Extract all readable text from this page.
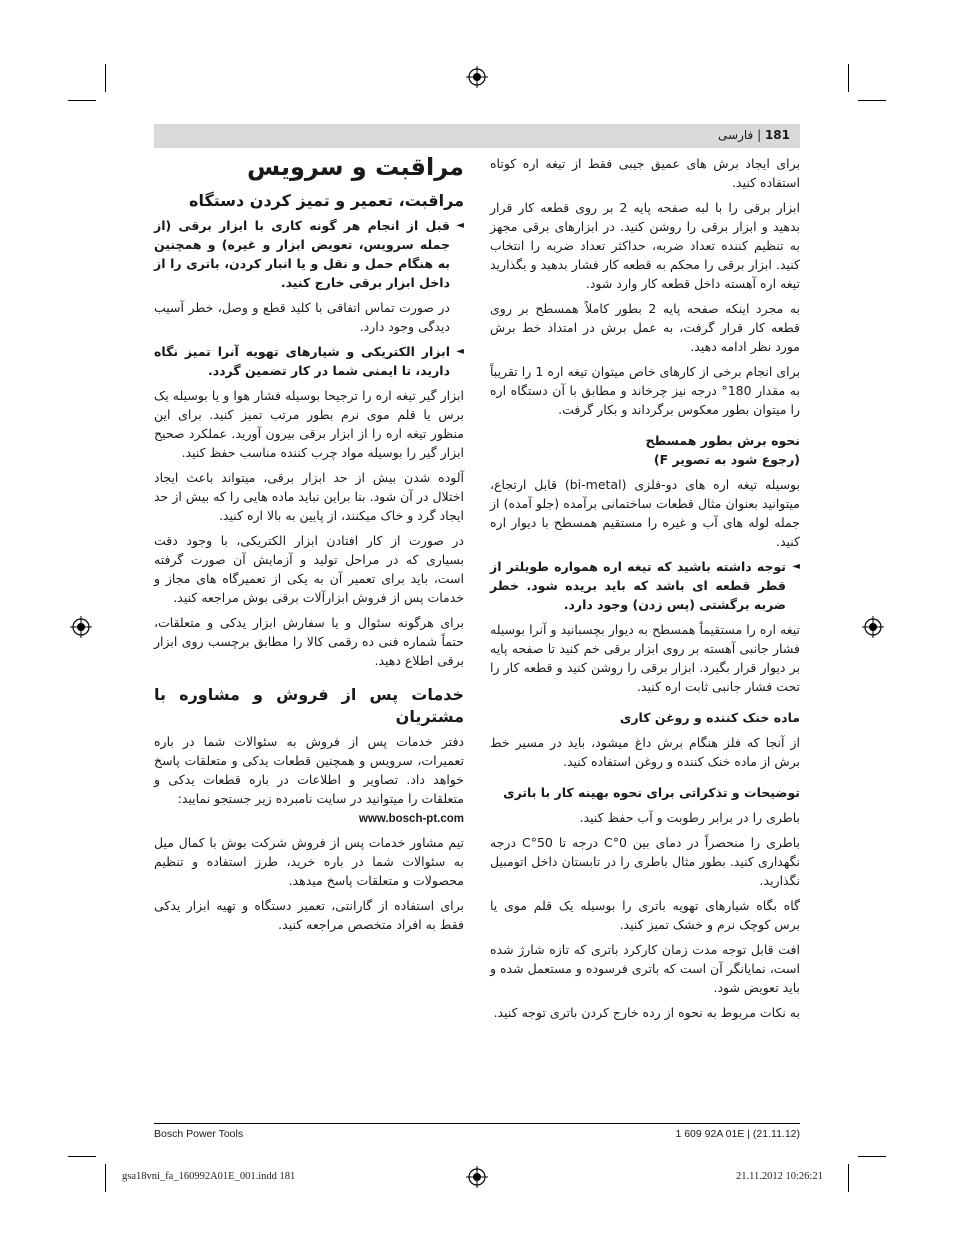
181 | فارسی

برای ایجاد برش های عمیق جیبی فقط از تیغه اره کوتاه استفاده کنید.

ابزار برقی را با لبه صفحه پایه 2 بر روی قطعه کار قرار بدهید و ابزار برقی را روشن کنید. در ابزارهای برقی مجهز به تنظیم کننده تعداد ضربه، حداکثر تعداد ضربه را انتخاب کنید. ابزار برقی را محکم به قطعه کار فشار بدهید و بگذارید تیغه اره آهسته داخل قطعه کار وارد شود.

به مجرد اینکه صفحه پایه 2 بطور کاملاً همسطح بر روی قطعه کار قرار گرفت، به عمل برش در امتداد خط برش مورد نظر ادامه دهید.

برای انجام برخی از کارهای خاص میتوان تیغه اره 1 را تقریباً به مقدار 180° درجه نیز چرخاند و مطابق با آن دستگاه اره را میتوان بطور معکوس برگرداند و بکار گرفت.

نحوه برش بطور همسطح
(رجوع شود به تصویر F)

بوسیله تیغه اره های دو-فلزی (bi-metal) قابل ارتجاع، میتوانید بعنوان مثال قطعات ساختمانی برآمده (جلو آمده) از جمله لوله های آب و غیره را مستقیم همسطح با دیوار اره کنید.

◄ توجه داشته باشید که تیغه اره همواره طویلتر از قطر قطعه ای باشد که باید بریده شود. خطر ضربه برگشتی (پس زدن) وجود دارد.

تیغه اره را مستقیماً همسطح به دیوار بچسبانید و آنرا بوسیله فشار جانبی آهسته بر روی ابزار برقی خم کنید تا صفحه پایه بر دیوار قرار بگیرد. ابزار برقی را روشن کنید و قطعه کار را تحت فشار جانبی ثابت اره کنید.

ماده خنک کننده و روغن کاری

از آنجا که فلز هنگام برش داغ میشود، باید در مسیر خط برش از ماده خنک کننده و روغن استفاده کنید.

توضیحات و تذکراتی برای نحوه بهینه کار با باتری

باطری را در برابر رطوبت و آب حفظ کنید.

باطری را منحصراً در دمای بین 0°C درجه تا 50°C درجه نگهداری کنید. بطور مثال باطری را در تابستان داخل اتومبیل نگذارید.

گاه بگاه شیارهای تهویه باتری را بوسیله یک قلم موی یا برس کوچک نرم و خشک تمیز کنید.

افت قابل توجه مدت زمان کارکرد باتری که تازه شارژ شده است، نمایانگر آن است که باتری فرسوده و مستعمل شده و باید تعویض شود.

به نکات مربوط به نحوه از رده خارج کردن باتری توجه کنید.

مراقبت و سرویس
مراقبت، تعمیر و تمیز کردن دستگاه

◄ قبل از انجام هر گونه کاری با ابزار برقی (از جمله سرویس، تعویض ابزار و غیره) و همچنین به هنگام حمل و نقل و یا انبار کردن، باتری را از داخل ابزار برقی خارج کنید.

در صورت تماس اتفاقی با کلید قطع و وصل، خطر آسیب دیدگی وجود دارد.

◄ ابزار الکتریکی و شیارهای تهویه آنرا تمیز نگاه دارید، تا ایمنی شما در کار تضمین گردد.

ابزار گیر تیغه اره را ترجیحا بوسیله فشار هوا و یا بوسیله یک برس یا قلم موی نرم بطور مرتب تمیز کنید. برای این منظور تیغه اره را از ابزار برقی بیرون آورید. عملکرد صحیح ابزار گیر را بوسیله مواد چرب کننده مناسب حفظ کنید.

آلوده شدن بیش از حد ابزار برقی، میتواند باعث ایجاد اختلال در آن شود. بنا براین نباید ماده هایی را که بیش از حد ایجاد گرد و خاک میکنند، از پایین به بالا اره کنید.

در صورت از کار افتادن ابزار الکتریکی، با وجود دقت بسیاری که در مراحل تولید و آزمایش آن صورت گرفته است، باید برای تعمیر آن به یکی از تعمیرگاه های مجاز و خدمات پس از فروش ابزارآلات برقی بوش مراجعه کنید.

برای هرگونه سئوال و یا سفارش ابزار یدکی و متعلقات، حتماً شماره فنی ده رقمی کالا را مطابق برچسب روی ابزار برقی اطلاع دهید.

خدمات پس از فروش و مشاوره با مشتریان

دفتر خدمات پس از فروش به سئوالات شما در باره تعمیرات، سرویس و همچنین قطعات یدکی و متعلقات پاسخ خواهد داد. تصاویر و اطلاعات در باره قطعات یدکی و متعلقات را میتوانید در سایت نامبرده زیر جستجو نمایید:

www.bosch-pt.com

تیم مشاور خدمات پس از فروش شرکت بوش با کمال میل به سئوالات شما در باره خرید، طرز استفاده و تنظیم محصولات و متعلقات پاسخ میدهد.

برای استفاده از گارانتی، تعمیر دستگاه و تهیه ابزار یدکی فقط به افراد متخصص مراجعه کنید.

Bosch Power Tools	1 609 92A 01E | (21.11.12)
gsa18vni_fa_160992A01E_001.indd 181	21.11.2012 10:26:21
